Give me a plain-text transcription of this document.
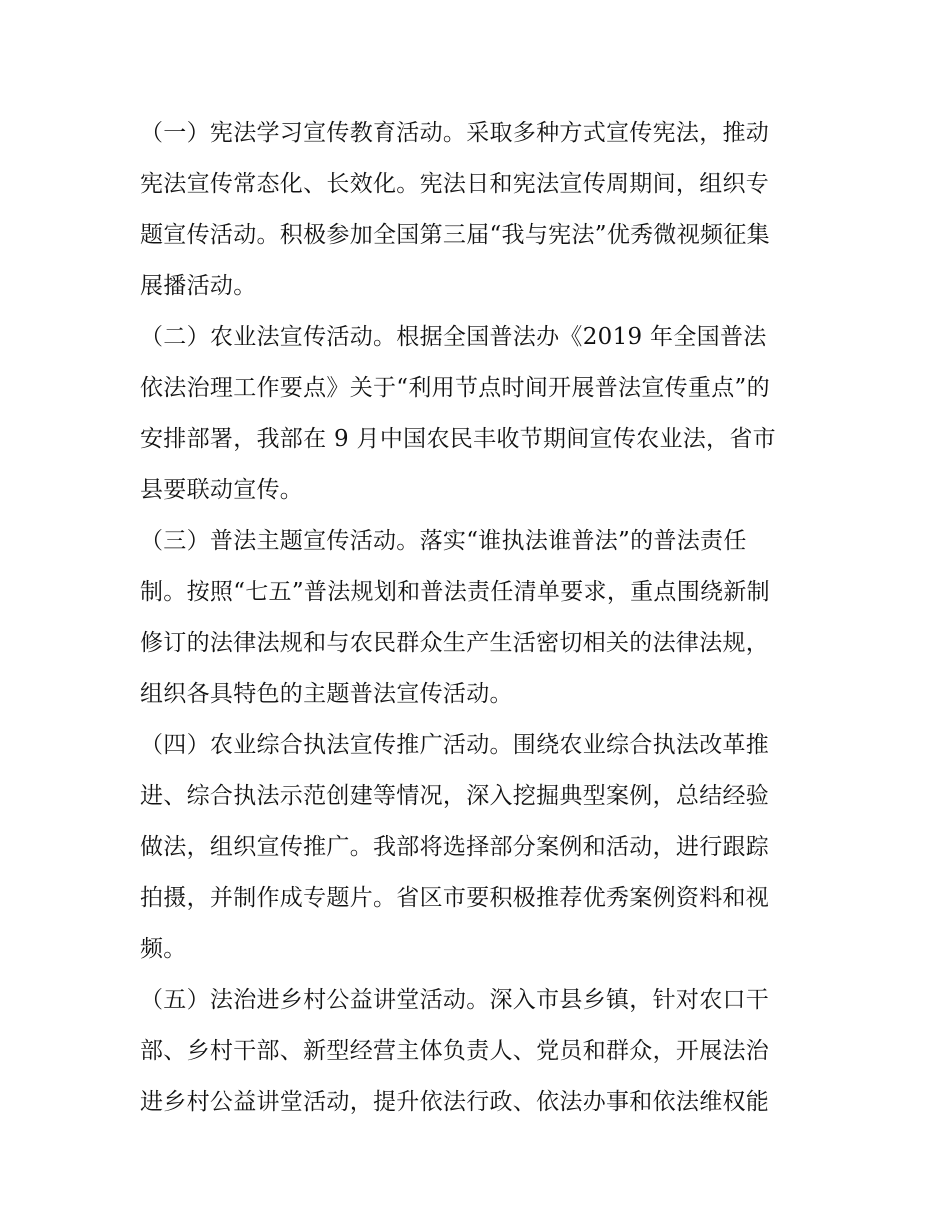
（一）宪法学习宣传教育活动。采取多种方式宣传宪法，推动
宪法宣传常态化、长效化。宪法日和宪法宣传周期间，组织专
题宣传活动。积极参加全国第三届“我与宪法”优秀微视频征集
展播活动。
（二）农业法宣传活动。根据全国普法办《2019 年全国普法
依法治理工作要点》关于“利用节点时间开展普法宣传重点”的
安排部署，我部在 9 月中国农民丰收节期间宣传农业法，省市
县要联动宣传。
（三）普法主题宣传活动。落实“谁执法谁普法”的普法责任
制。按照“七五”普法规划和普法责任清单要求，重点围绕新制
修订的法律法规和与农民群众生产生活密切相关的法律法规，
组织各具特色的主题普法宣传活动。
（四）农业综合执法宣传推广活动。围绕农业综合执法改革推
进、综合执法示范创建等情况，深入挖掘典型案例，总结经验
做法，组织宣传推广。我部将选择部分案例和活动，进行跟踪
拍摄，并制作成专题片。省区市要积极推荐优秀案例资料和视
频。
（五）法治进乡村公益讲堂活动。深入市县乡镇，针对农口干
部、乡村干部、新型经营主体负责人、党员和群众，开展法治
进乡村公益讲堂活动，提升依法行政、依法办事和依法维权能
